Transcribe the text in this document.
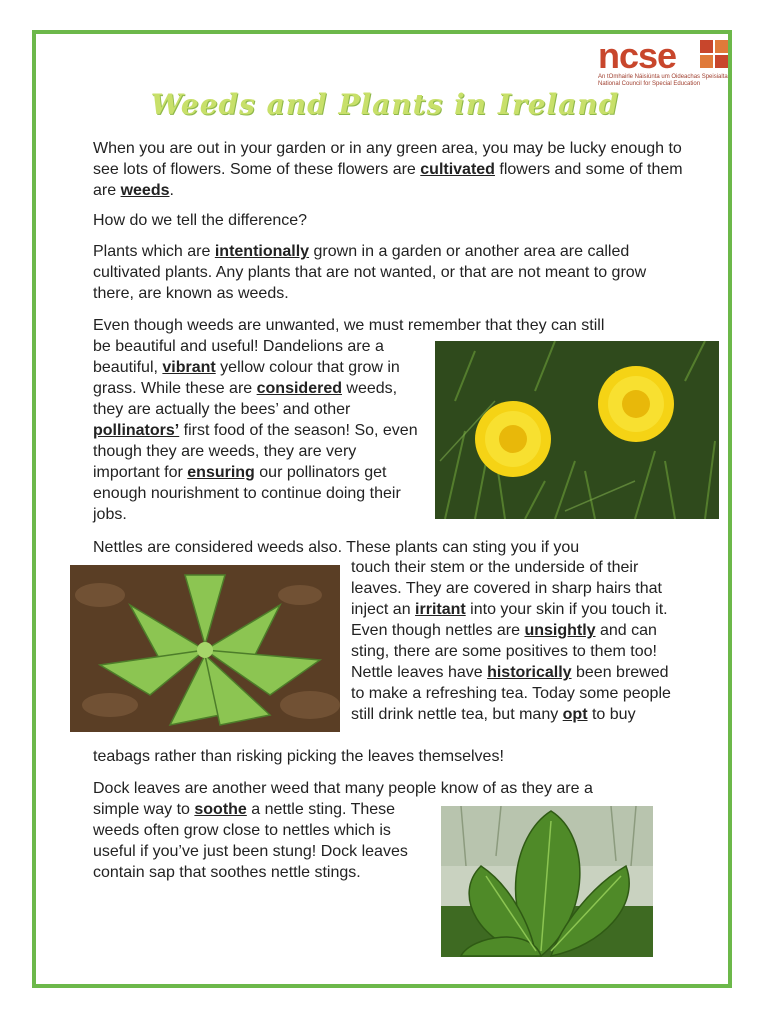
ncse
An tOmhairle Náisiúnta um Oideachas Speisialta
National Council for Special Education
Weeds and Plants in Ireland

When you are out in your garden or in any green area, you may be lucky enough to see lots of flowers. Some of these flowers are cultivated flowers and some of them are weeds.

How do we tell the difference?

Plants which are intentionally grown in a garden or another area are called cultivated plants. Any plants that are not wanted, or that are not meant to grow there, are known as weeds.

Even though weeds are unwanted, we must remember that they can still

be beautiful and useful! Dandelions are a beautiful, vibrant yellow colour that grow in grass. While these are considered weeds, they are actually the bees’ and other pollinators’ first food of the season! So, even though they are weeds, they are very important for ensuring our pollinators get enough nourishment to continue doing their jobs.

Nettles are considered weeds also. These plants can sting you if you

touch their stem or the underside of their leaves. They are covered in sharp hairs that inject an irritant into your skin if you touch it. Even though nettles are unsightly and can sting, there are some positives to them too! Nettle leaves have historically been brewed to make a refreshing tea. Today some people still drink nettle tea, but many opt to buy

teabags rather than risking picking the leaves themselves!

Dock leaves are another weed that many people know of as they are a

simple way to soothe a nettle sting. These weeds often grow close to nettles which is useful if you’ve just been stung! Dock leaves contain sap that soothes nettle stings.
